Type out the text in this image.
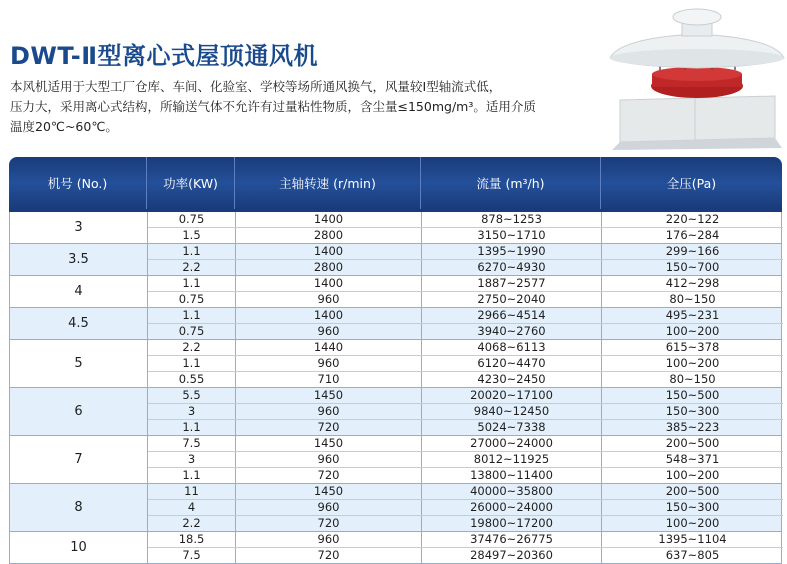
DWT-Ⅱ型离心式屋顶通风机

本风机适用于大型工厂仓库、车间、化验室、学校等场所通风换气，风量较Ⅰ型轴流式低，

压力大，采用离心式结构，所输送气体不允许有过量粘性物质，含尘量≤150mg/m³。适用介质

温度20℃~60℃。

机号 (No.)	功率(KW)	主轴转速 (r/min)	流量 (m³/h)	全压(Pa)
3
0.75	1400	878~1253	220~122
1.5	2800	3150~1710	176~284
3.5
1.1	1400	1395~1990	299~166
2.2	2800	6270~4930	150~700
4
1.1	1400	1887~2577	412~298
0.75	960	2750~2040	80~150
4.5
1.1	1400	2966~4514	495~231
0.75	960	3940~2760	100~200
5
2.2	1440	4068~6113	615~378
1.1	960	6120~4470	100~200
0.55	710	4230~2450	80~150
6
5.5	1450	20020~17100	150~500
3	960	9840~12450	150~300
1.1	720	5024~7338	385~223
7
7.5	1450	27000~24000	200~500
3	960	8012~11925	548~371
1.1	720	13800~11400	100~200
8
11	1450	40000~35800	200~500
4	960	26000~24000	150~300
2.2	720	19800~17200	100~200
10
18.5	960	37476~26775	1395~1104
7.5	720	28497~20360	637~805
